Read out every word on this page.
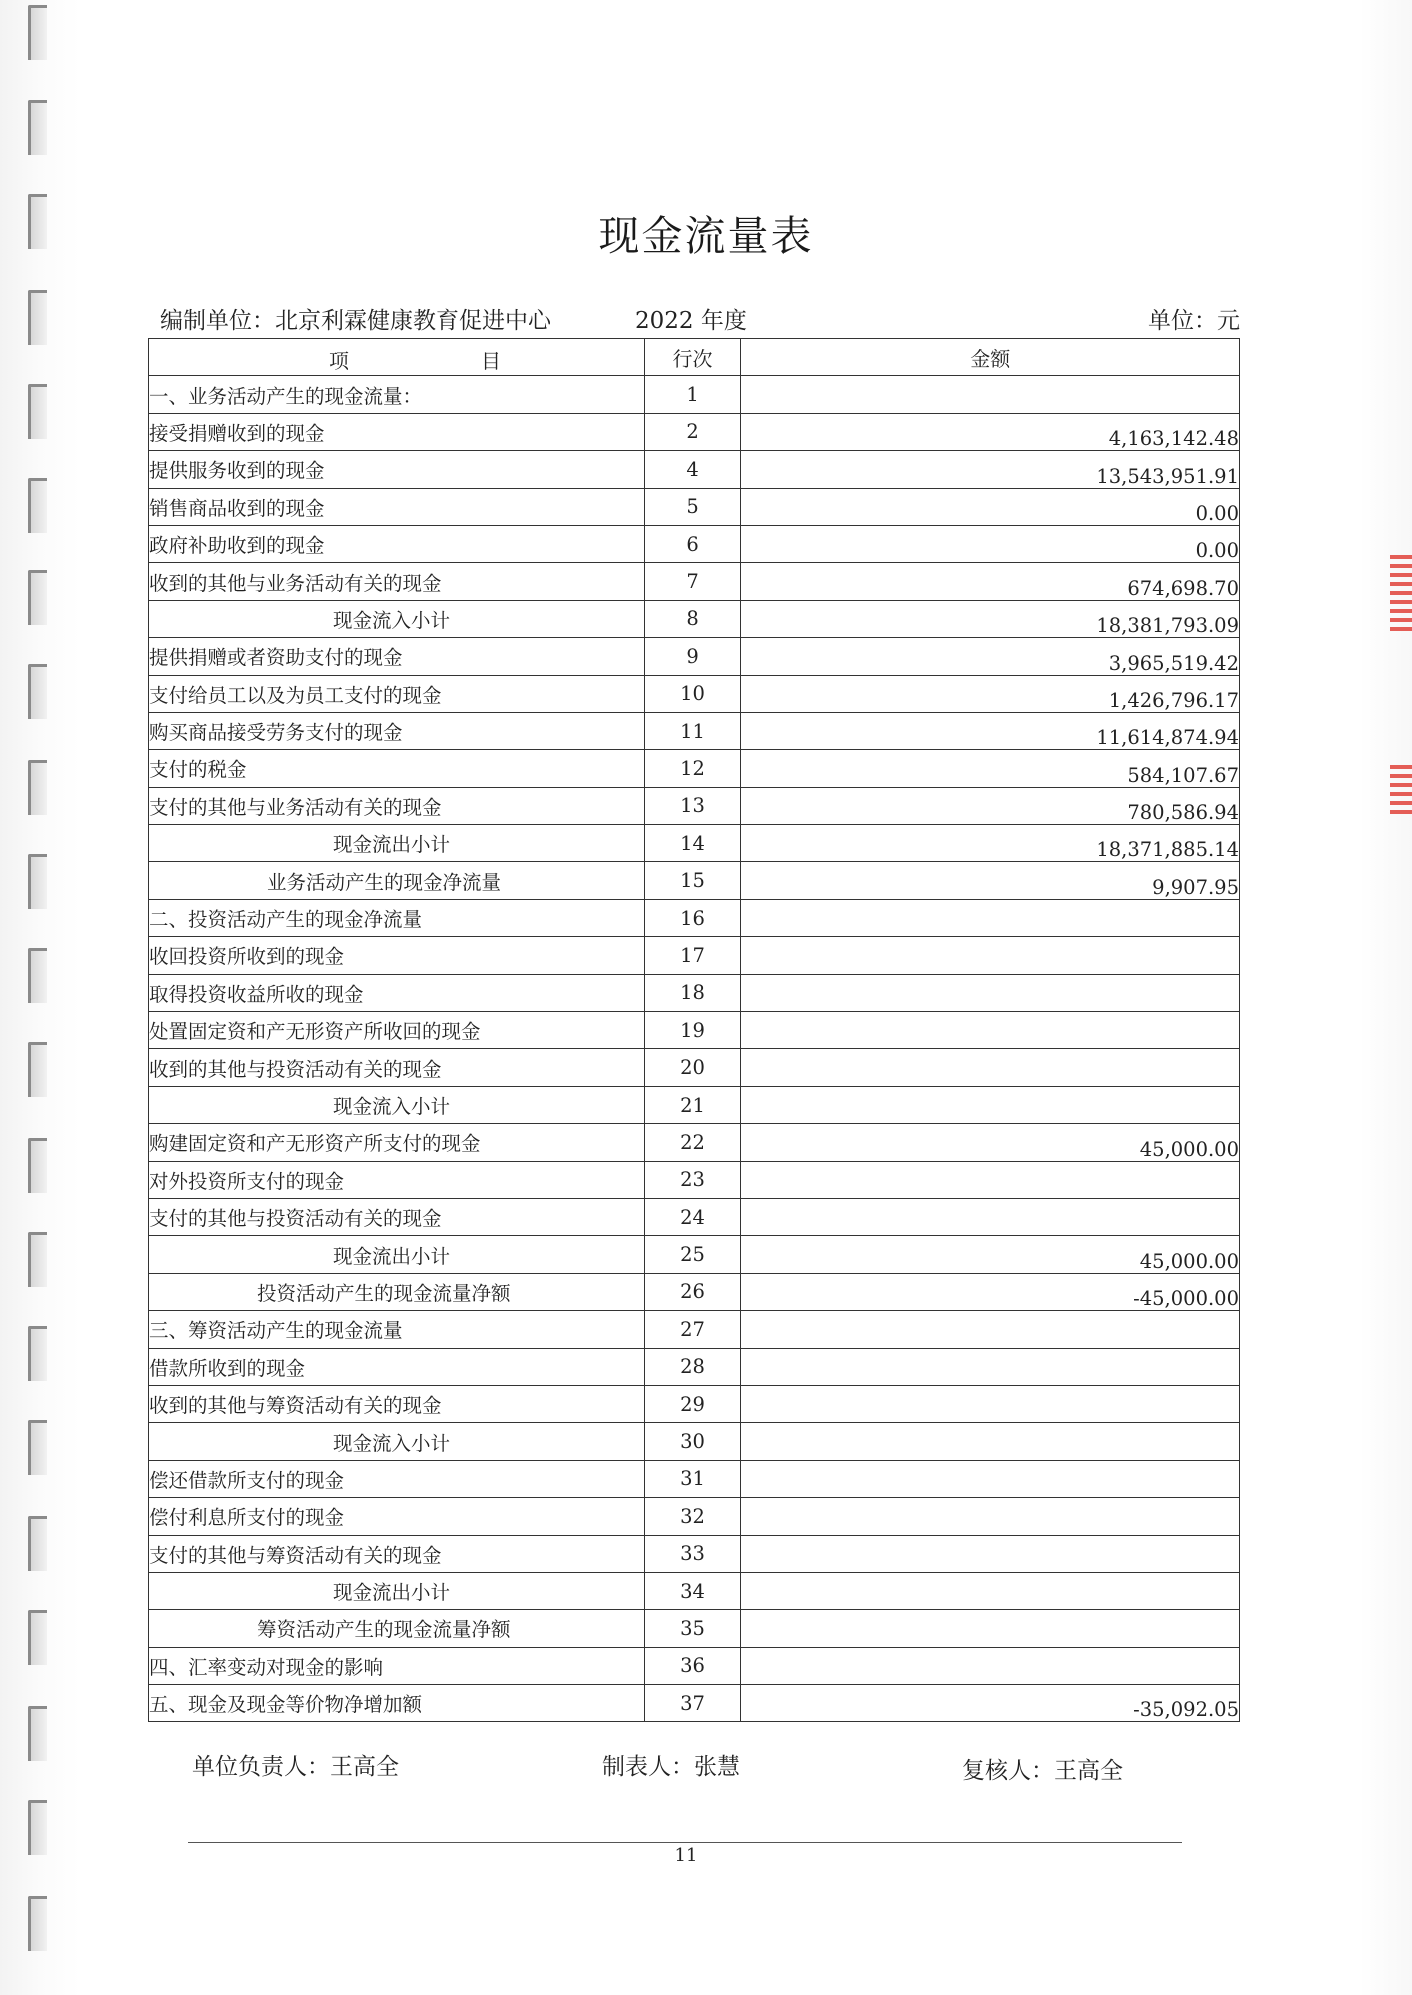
现金流量表
编制单位：北京利霖健康教育促进中心	2022 年度	单位：元
项 目	行次	金额
一、业务活动产生的现金流量：	1	
接受捐赠收到的现金	2	4,163,142.48
提供服务收到的现金	4	13,543,951.91
销售商品收到的现金	5	0.00
政府补助收到的现金	6	0.00
收到的其他与业务活动有关的现金	7	674,698.70
现金流入小计	8	18,381,793.09
提供捐赠或者资助支付的现金	9	3,965,519.42
支付给员工以及为员工支付的现金	10	1,426,796.17
购买商品接受劳务支付的现金	11	11,614,874.94
支付的税金	12	584,107.67
支付的其他与业务活动有关的现金	13	780,586.94
现金流出小计	14	18,371,885.14
业务活动产生的现金净流量	15	9,907.95
二、投资活动产生的现金净流量	16	
收回投资所收到的现金	17	
取得投资收益所收的现金	18	
处置固定资和产无形资产所收回的现金	19	
收到的其他与投资活动有关的现金	20	
现金流入小计	21	
购建固定资和产无形资产所支付的现金	22	45,000.00
对外投资所支付的现金	23	
支付的其他与投资活动有关的现金	24	
现金流出小计	25	45,000.00
投资活动产生的现金流量净额	26	-45,000.00
三、筹资活动产生的现金流量	27	
借款所收到的现金	28	
收到的其他与筹资活动有关的现金	29	
现金流入小计	30	
偿还借款所支付的现金	31	
偿付利息所支付的现金	32	
支付的其他与筹资活动有关的现金	33	
现金流出小计	34	
筹资活动产生的现金流量净额	35	
四、汇率变动对现金的影响	36	
五、现金及现金等价物净增加额	37	-35,092.05
单位负责人：王高全	制表人：张慧	复核人：王高全
11
